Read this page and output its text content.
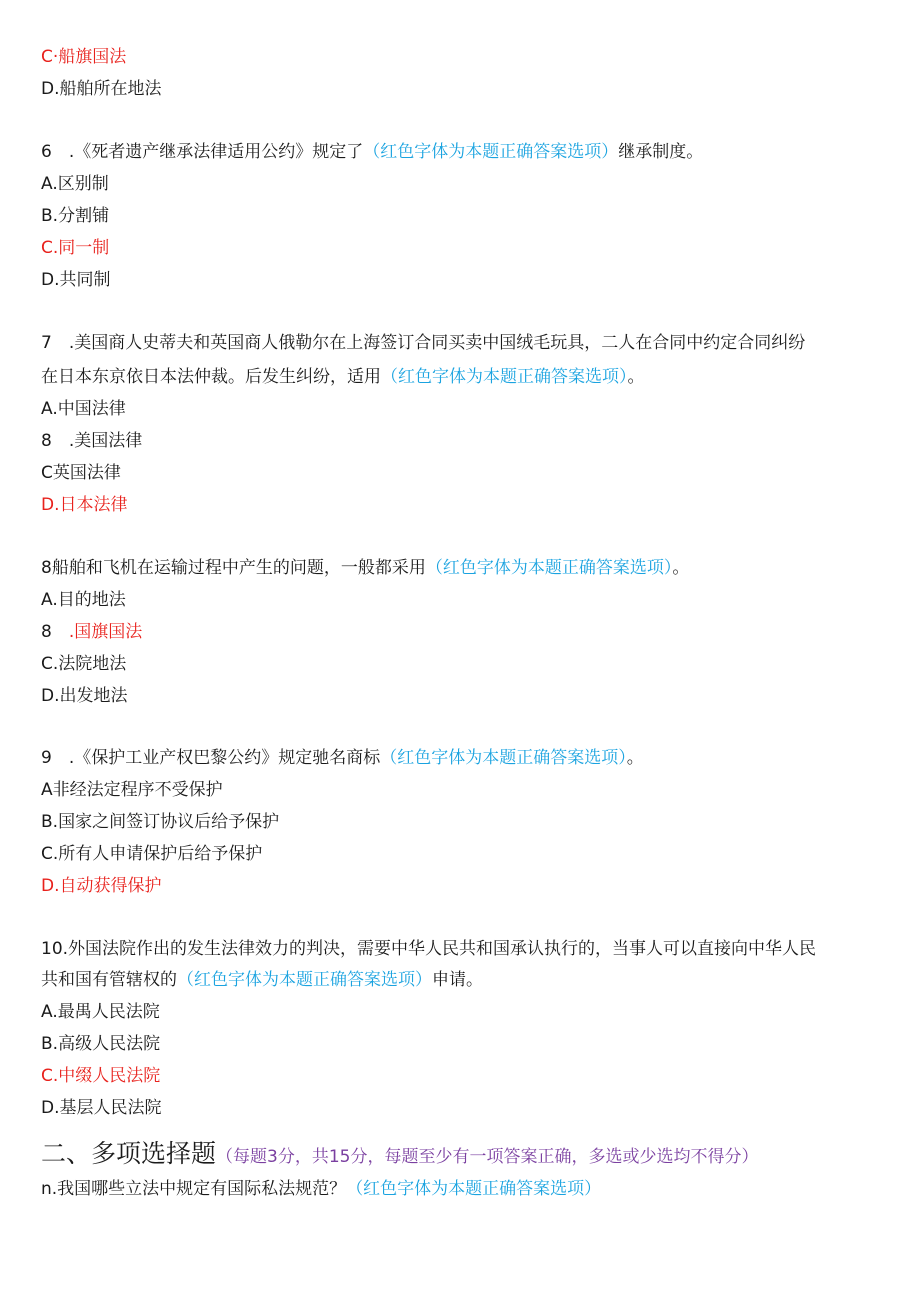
C·船旗国法
D.船舶所在地法
6　.《死者遗产继承法律适用公约》规定了（红色字体为本题正确答案选项）继承制度。
A.区别制
B.分割铺
C.同一制
D.共同制
7　.美国商人史蒂夫和英国商人俄勒尔在上海签订合同买卖中国绒毛玩具，二人在合同中约定合同纠纷
在日本东京依日本法仲裁。后发生纠纷，适用（红色字体为本题正确答案选项）。
A.中国法律
8　.美国法律
C英国法律
D.日本法律
8船舶和飞机在运输过程中产生的问题，一般都采用（红色字体为本题正确答案选项）。
A.目的地法
8　.国旗国法
C.法院地法
D.出发地法
9　.《保护工业产权巴黎公约》规定驰名商标（红色字体为本题正确答案选项）。
A非经法定程序不受保护
B.国家之间签订协议后给予保护
C.所有人申请保护后给予保护
D.自动获得保护
10.外国法院作出的发生法律效力的判决，需要中华人民共和国承认执行的，当事人可以直接向中华人民
共和国有管辖权的（红色字体为本题正确答案选项）申请。
A.最禺人民法院
B.高级人民法院
C.中缀人民法院
D.基层人民法院
二、多项选择题（每题3分，共15分，每题至少有一项答案正确，多选或少选均不得分）
n.我国哪些立法中规定有国际私法规范？（红色字体为本题正确答案选项）
